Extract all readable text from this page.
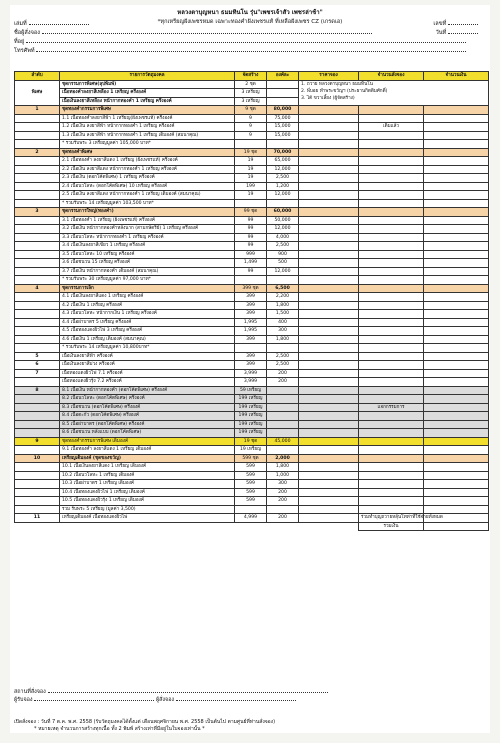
หลวงตาบุญหนา ธมมทินโน รุ่น"เพชรเจ้าสัว เพชรล่าช้า"
*ทุกเหรียญฝังเพชรหมด เฉพาะทองคำฝังเพชรแท้ ที่เหลือฝังเพชร CZ (เกรดเอ)
เล่มที่	เลขที่
ชื่อผู้สั่งจอง	วันที่
ที่อยู่
โทรศัพท์
ลำดับ	รายการวัตถุมงคล	จัดสร้าง	องค์ละ	ราคาจอง	จำนวนสั่งจอง	จำนวนเงิน
พิเศษ	ชุดกรรมการพิเศษ(ลุปพิมพ์)	2 ชุด		1. ถวาย หลวงตาบุญหนา ธมมทินโน
2. พี่บอย ทำพระขวัญฯ (ประธานกิตติมศักดิ์)
3. ได้ ขวาเลี้ยง (ผู้จัดสร้าง)		

	เนื้อทองคำลงยาสีเหลือง 1 เหรียญ ครึ่งองค์	3 เหรียญ				
	เนื้อเงินลงยาสีเหลือง หน้ากากทองคำ 1 เหรียญ ครึ่งองค์	3 เหรียญ				
1	ชุดทองคำกรรมการพิเศษ	9 ชุด	80,000			
	1.1 เนื้อทองคำลงยาสีฟ้า 1 เหรียญ(ฝังเพชรแท้) ครึ่งองค์	9	75,000			
	1.2 เนื้อเงิน ลงยาสีฟ้า หน้ากากทองคำ 1 เหรียญ ครึ่งองค์	9	15,000		เต็มแล้ว	
	1.3 เนื้อเงิน ลงยาสีฟ้า หน้ากากทองคำ 1 เหรียญ เต็มองค์ (สมนาคุณ)	9	15,000			
	* รวมรับพระ 3 เหรียญมูลค่า 105,000 บาท*					
2	ชุดทองคำพิเศษ	19 ชุด	70,000			
	2.1 เนื้อทองคำ ลงยาสีแดง 1 เหรียญ (ฝังเพชรแท้) ครึ่งองค์	19	65,000			
	2.2 เนื้อเงิน ลงยาสีแดง หน้ากากทองคำ 1 เหรียญ ครึ่งองค์	19	12,000			
	2.3 เนื้อเงิน (ดอกโค้ดพิเศษ) 1 เหรียญ ครึ่งองค์	19	2,500			
	2.4 เนื้อนวโลหะ (ดอกโค้ดพิเศษ) 10 เหรียญ ครึ่งองค์	199	1,200			
	2.5 เนื้อเงิน ลงยาสีแดง หน้ากากทองคำ 1 เหรียญ เต็มองค์ (สมนาคุณ)	19	12,000			
	* รวมรับพระ 14 เหรียญมูลค่า 103,500 บาท*					
3	ชุดกรรมการใหญ่(ทองคำ)	99 ชุด	60,000			
	3.1 เนื้อทองคำ 1 เหรียญ (ฝังเพชรแท้) ครึ่งองค์	99	50,000			
	3.2 เนื้อเงิน หน้ากากทองคำหลังนาก (สามกษัตริย์) 1 เหรียญ ครึ่งองค์	99	12,000			
	3.3 เนื้อนวโลหะ หน้ากากทองคำ 1 เหรียญ ครึ่งองค์	99	4,000			
	3.4 เนื้อเงินลงยาสีเขียว 1 เหรียญ ครึ่งองค์	99	2,500			
	3.5 เนื้อนวโลหะ 10 เหรียญ ครึ่งองค์	999	900			
	3.6 เนื้อชนวน 15 เหรียญ ครึ่งองค์	1,499	500			
	3.7 เนื้อเงิน หน้ากากทองคำ เต็มองค์ (สมนาคุณ)	99	12,000			
	* รวมรับพระ 30 เหรียญมูลค่า 97,000 บาท*					
4	ชุดกรรมการเล็ก	399 ชุด	6,500			
	4.1 เนื้อเงินลงยาสีแดง 1 เหรียญ ครึ่งองค์	399	2,200			
	4.2 เนื้อเงิน 1 เหรียญ ครึ่งองค์	399	1,800			
	4.3 เนื้อนวโลหะ หน้ากากเงิน 1 เหรียญ ครึ่งองค์	399	1,500			
	4.4 เนื้อฝาบาตร 5 เหรียญ ครึ่งองค์	1,995	400			
	4.5 เนื้อทองแดงผิวไฟ 3 เหรียญ ครึ่งองค์	1,995	300			
	4.6 เนื้อเงิน 1 เหรียญ เต็มองค์ (สมนาคุณ)	399	1,800			
	* รวมรับพระ 14 เหรียญมูลค่า 10,800บาท*					
5	เนื้อเงินลงยาสีฟ้า ครึ่งองค์	399	2,500			
6	เนื้อเงินลงยาสีม่วง ครึ่งองค์	399	2,500			
7	เนื้อทองแดงผิวไฟ 7.1 ครึ่งองค์	3,999	200			
	เนื้อทองแดงผิวรุ้ง 7.2 ครึ่งองค์	3,999	200			
8	8.1 เนื้อเงิน หน้ากากทองคำ (ดอกโค้ดพิเศษ) ครึ่งองค์	59 เหรียญ				
	8.2 เนื้อนวโลหะ (ดอกโค้ดพิเศษ) ครึ่งองค์	199 เหรียญ				
	8.3 เนื้อชนวน (ดอกโค้ดพิเศษ) ครึ่งองค์	199 เหรียญ			แจกกรรมการ	
	8.4 เนื้อตะกั่ว (ดอกโค้ดพิเศษ) ครึ่งองค์	199 เหรียญ				
	8.5 เนื้อฝาบาตร (ดอกโค้ดพิเศษ) ครึ่งองค์	199 เหรียญ				
	8.6 เนื้อชนวน หลังแบบ (ดอกโค้ดพิเศษ)	199 เหรียญ				
9	ชุดทองคำกรรมการพิเศษ เต็มองค์	19 ชุด	45,000			
	9.1 เนื้อทองคำ ลงยาสีแดง 1 เหรียญ เต็มองค์	19 เหรียญ				
10	เหรียญเต็มองค์ (ชุดของขวัญ)	599 ชุด	2,000			
	10.1 เนื้อเงินลงยาสีแดง 1 เหรียญ เต็มองค์	599	1,800			
	10.2 เนื้อนวโลหะ 1 เหรียญ เต็มองค์	599	1,000			
	10.3 เนื้อฝาบาตร 1 เหรียญ เต็มองค์	599	300			
	10.4 เนื้อทองแดงผิวไฟ 1 เหรียญ เต็มองค์	599	200			
	10.5 เนื้อทองแดงผิวรุ้ง 1 เหรียญ เต็มองค์	599	200			
	รวม รับพระ 5 เหรียญ (มูลค่า 3,500)					
11	เหรียญเต็มองค์ เนื้อทองแดงผิวไฟ	4,999	200		ร่วมทำบุญถวายหลุ้นโทท่าที่ใช้จ่ายทั้งหมด	
					รวมเงิน	
สถานที่สั่งจอง
ผู้รับจอง	ผู้สั่งจอง
เปิดสั่งจอง : วันที่ 7 ต.ค. พ.ศ. 2558 (รับวัตถุมงคลได้ตั้งแต่ เดือนพฤศจิกายน พ.ศ. 2558 เป็นต้นไป ตามศูนย์ที่ท่านสั่งจอง)
* หมายเหตุ จำนวนการสร้างทุกเนื้อ ทั้ง 2 พิมพ์ สร้างเท่าที่มีอยู่ในใบจองเท่านั้น *
